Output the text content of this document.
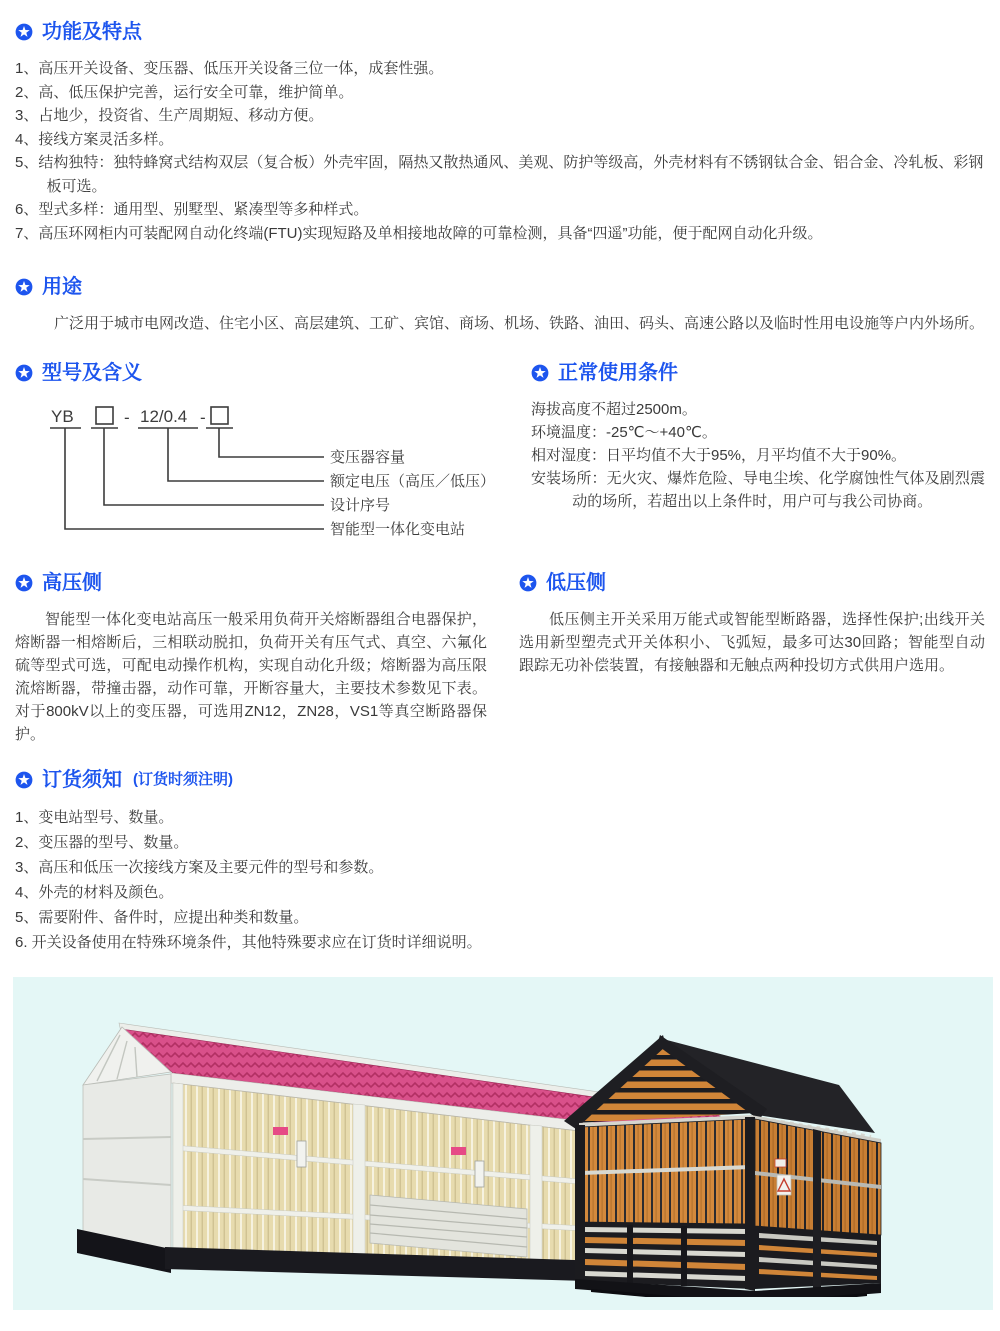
功能及特点
1、高压开关设备、变压器、低压开关设备三位一体，成套性强。
2、高、低压保护完善，运行安全可靠，维护简单。
3、占地少，投资省、生产周期短、移动方便。
4、接线方案灵活多样。
5、结构独特：独特蜂窝式结构双层（复合板）外壳牢固，隔热又散热通风、美观、防护等级高，外壳材料有不锈钢钛合金、铝合金、冷轧板、彩钢板可选。
6、型式多样：通用型、别墅型、紧凑型等多种样式。
7、高压环网柜内可装配网自动化终端(FTU)实现短路及单相接地故障的可靠检测，具备“四遥”功能，便于配网自动化升级。
用途

广泛用于城市电网改造、住宅小区、高层建筑、工矿、宾馆、商场、机场、铁路、油田、码头、高速公路以及临时性用电设施等户内外场所。

型号及含义
YB	- 12/0.4 -
变压器容量
额定电压（高压／低压）
设计序号
智能型一体化变电站
正常使用条件
海拔高度不超过2500m。
环境温度：-25℃～+40℃。
相对湿度：日平均值不大于95%，月平均值不大于90%。
安装场所：无火灾、爆炸危险、导电尘埃、化学腐蚀性气体及剧烈震动的场所，若超出以上条件时，用户可与我公司协商。
高压侧

智能型一体化变电站高压一般采用负荷开关熔断器组合电器保护，熔断器一相熔断后，三相联动脱扣，负荷开关有压气式、真空、六氟化硫等型式可选，可配电动操作机构，实现自动化升级；熔断器为高压限流熔断器，带撞击器，动作可靠，开断容量大，主要技术参数见下表。对于800kV以上的变压器，可选用ZN12，ZN28，VS1等真空断路器保护。

低压侧

低压侧主开关采用万能式或智能型断路器，选择性保护;出线开关选用新型塑壳式开关体积小、飞弧短，最多可达30回路；智能型自动跟踪无功补偿装置，有接触器和无触点两种投切方式供用户选用。

订货须知 (订货时须注明)
1、变电站型号、数量。
2、变压器的型号、数量。
3、高压和低压一次接线方案及主要元件的型号和参数。
4、外壳的材料及颜色。
5、需要附件、备件时，应提出种类和数量。
6. 开关设备使用在特殊环境条件，其他特殊要求应在订货时详细说明。
